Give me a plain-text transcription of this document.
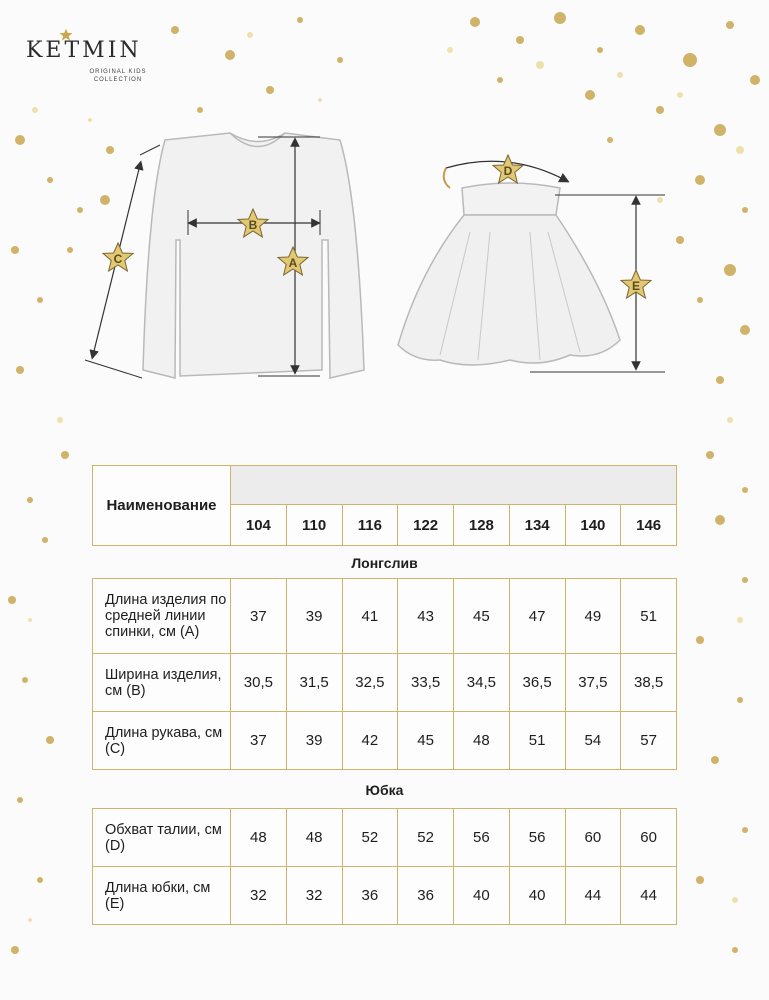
KETMIN
ORIGINAL KIDS
COLLECTION
B
A
C
D
E
Наименование								
	104	110	116	122	128	134	140	146
Лонгслив
Длина изделия по средней линии спинки, см (А)	37	39	41	43	45	47	49	51
Ширина изделия, см (В)	30,5	31,5	32,5	33,5	34,5	36,5	37,5	38,5
Длина рукава, см (С)	37	39	42	45	48	51	54	57
Юбка
Обхват талии, см (D)	48	48	52	52	56	56	60	60
Длина юбки, см (E)	32	32	36	36	40	40	44	44
